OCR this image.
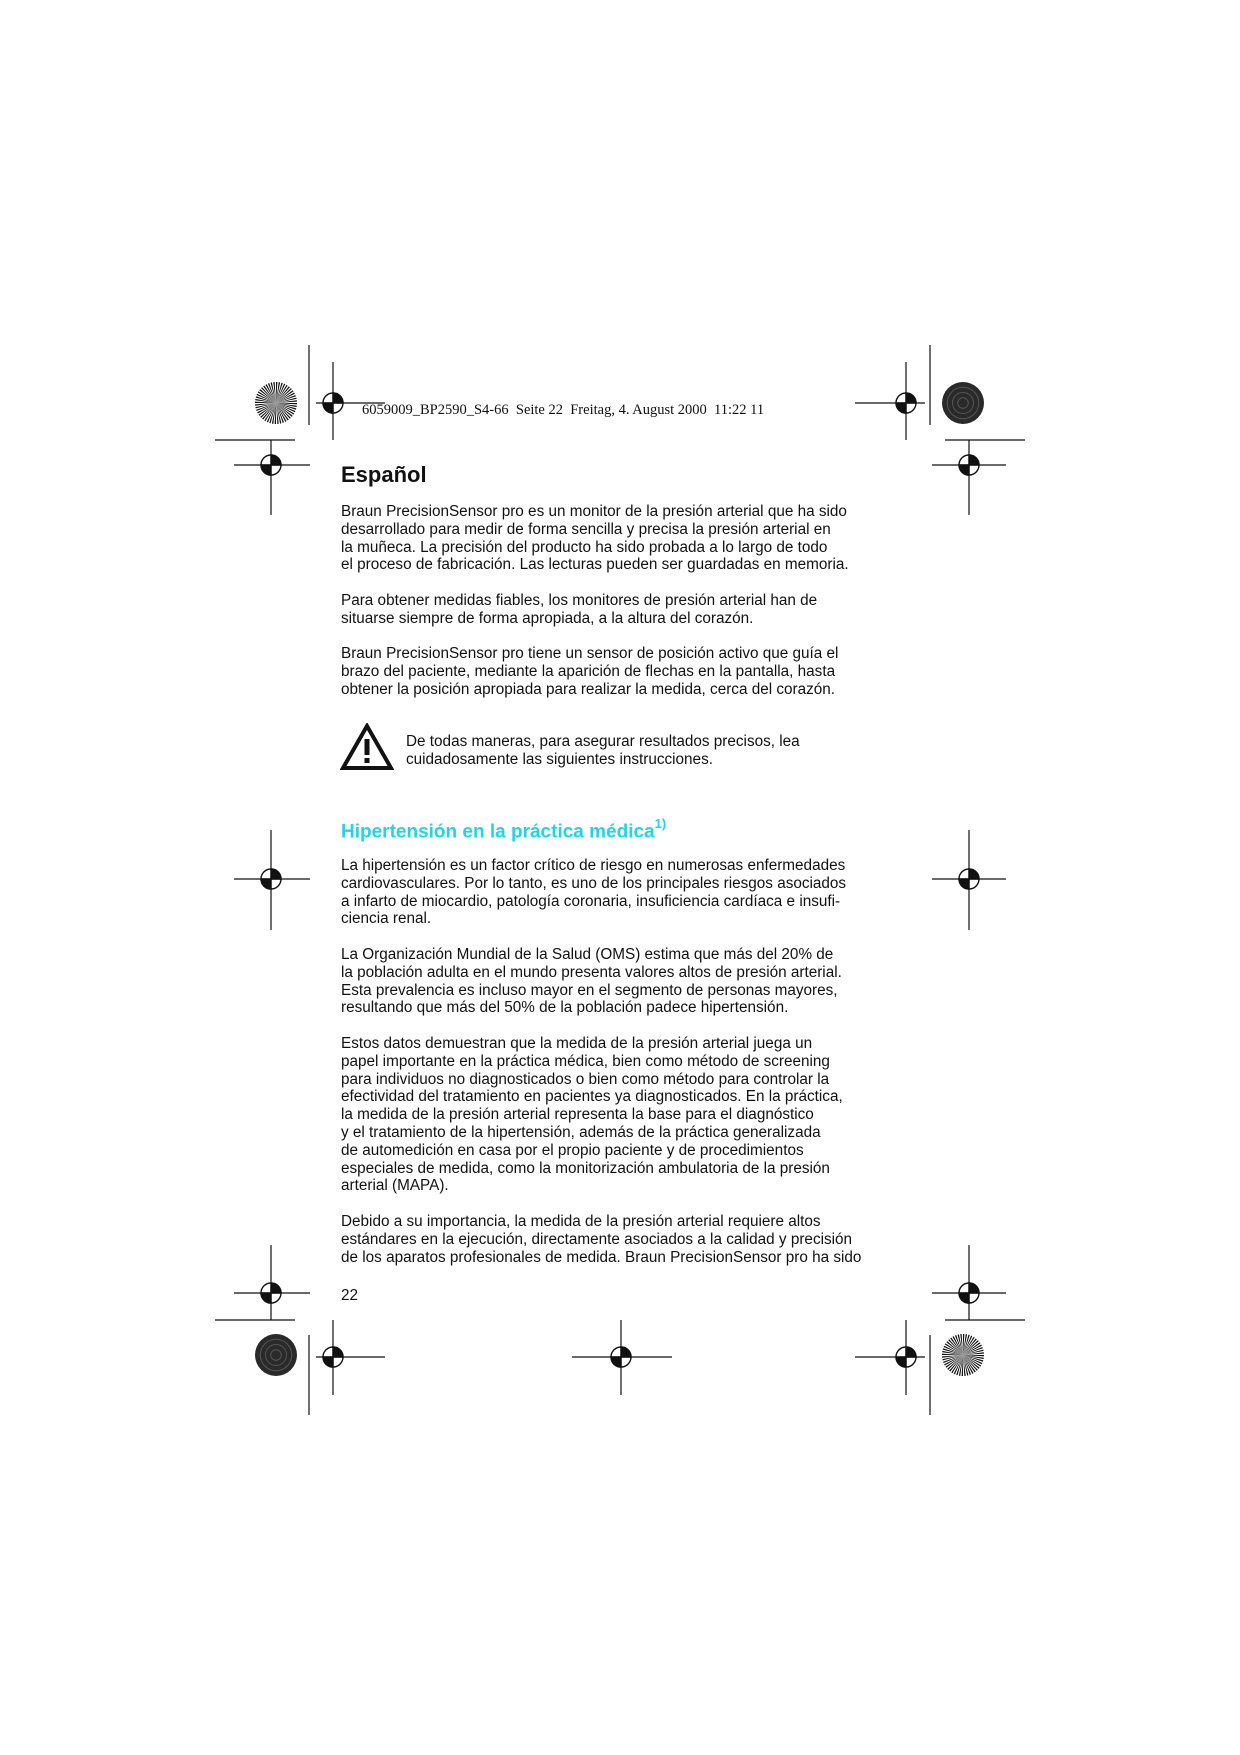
6059009_BP2590_S4-66  Seite 22  Freitag, 4. August 2000  11:22 11
Español

Braun PrecisionSensor pro es un monitor de la presión arterial que ha sido
desarrollado para medir de forma sencilla y precisa la presión arterial en
la muñeca. La precisión del producto ha sido probada a lo largo de todo
el proceso de fabricación. Las lecturas pueden ser guardadas en memoria.

Para obtener medidas fiables, los monitores de presión arterial han de
situarse siempre de forma apropiada, a la altura del corazón.

Braun PrecisionSensor pro tiene un sensor de posición activo que guía el
brazo del paciente, mediante la aparición de flechas en la pantalla, hasta
obtener la posición apropiada para realizar la medida, cerca del corazón.

De todas maneras, para asegurar resultados precisos, lea
cuidadosamente las siguientes instrucciones.

Hipertensión en la práctica médica$^{1)}$

La hipertensión es un factor crítico de riesgo en numerosas enfermedades
cardiovasculares. Por lo tanto, es uno de los principales riesgos asociados
a infarto de miocardio, patología coronaria, insuficiencia cardíaca e insufi-
ciencia renal.

La Organización Mundial de la Salud (OMS) estima que más del 20% de
la población adulta en el mundo presenta valores altos de presión arterial.
Esta prevalencia es incluso mayor en el segmento de personas mayores,
resultando que más del 50% de la población padece hipertensión.

Estos datos demuestran que la medida de la presión arterial juega un
papel importante en la práctica médica, bien como método de screening
para individuos no diagnosticados o bien como método para controlar la
efectividad del tratamiento en pacientes ya diagnosticados. En la práctica,
la medida de la presión arterial representa la base para el diagnóstico
y el tratamiento de la hipertensión, además de la práctica generalizada
de automedición en casa por el propio paciente y de procedimientos
especiales de medida, como la monitorización ambulatoria de la presión
arterial (MAPA).

Debido a su importancia, la medida de la presión arterial requiere altos
estándares en la ejecución, directamente asociados a la calidad y precisión
de los aparatos profesionales de medida. Braun PrecisionSensor pro ha sido

22
